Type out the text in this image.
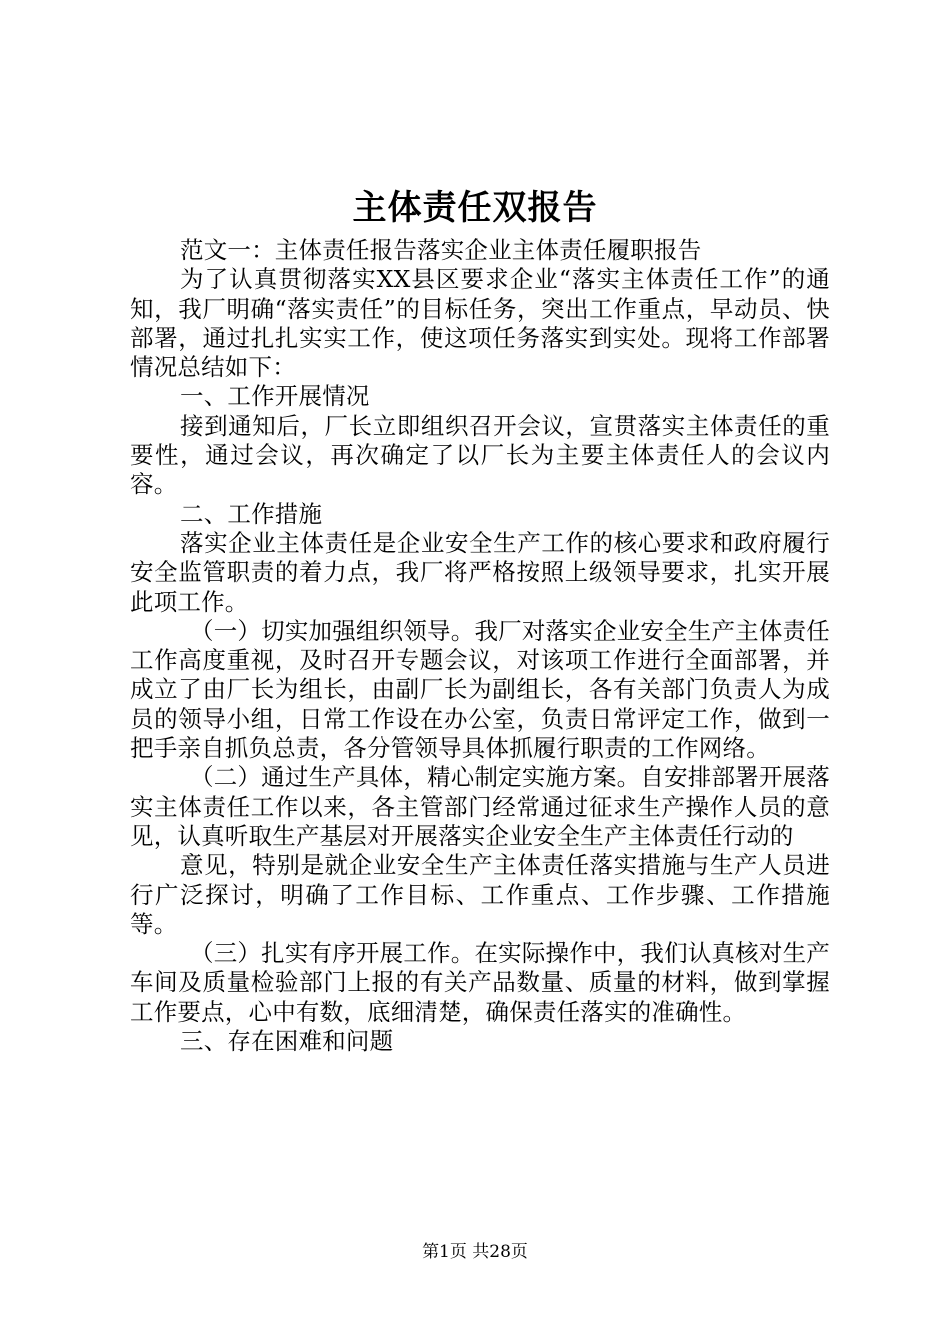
主体责任双报告

范文一：主体责任报告落实企业主体责任履职报告

为了认真贯彻落实XX县区要求企业“落实主体责任工作”的通知，我厂明确“落实责任”的目标任务，突出工作重点，早动员、快部署，通过扎扎实实工作，使这项任务落实到实处。现将工作部署情况总结如下：

一、工作开展情况

接到通知后，厂长立即组织召开会议，宣贯落实主体责任的重要性，通过会议，再次确定了以厂长为主要主体责任人的会议内容。

二、工作措施

落实企业主体责任是企业安全生产工作的核心要求和政府履行安全监管职责的着力点，我厂将严格按照上级领导要求，扎实开展此项工作。

（一）切实加强组织领导。我厂对落实企业安全生产主体责任工作高度重视，及时召开专题会议，对该项工作进行全面部署，并成立了由厂长为组长，由副厂长为副组长，各有关部门负责人为成员的领导小组，日常工作设在办公室，负责日常评定工作，做到一把手亲自抓负总责，各分管领导具体抓履行职责的工作网络。

（二）通过生产具体，精心制定实施方案。自安排部署开展落实主体责任工作以来，各主管部门经常通过征求生产操作人员的意见，认真听取生产基层对开展落实企业安全生产主体责任行动的

意见，特别是就企业安全生产主体责任落实措施与生产人员进行广泛探讨，明确了工作目标、工作重点、工作步骤、工作措施等。

（三）扎实有序开展工作。在实际操作中，我们认真核对生产车间及质量检验部门上报的有关产品数量、质量的材料，做到掌握工作要点，心中有数，底细清楚，确保责任落实的准确性。

三、存在困难和问题

第1页 共28页
